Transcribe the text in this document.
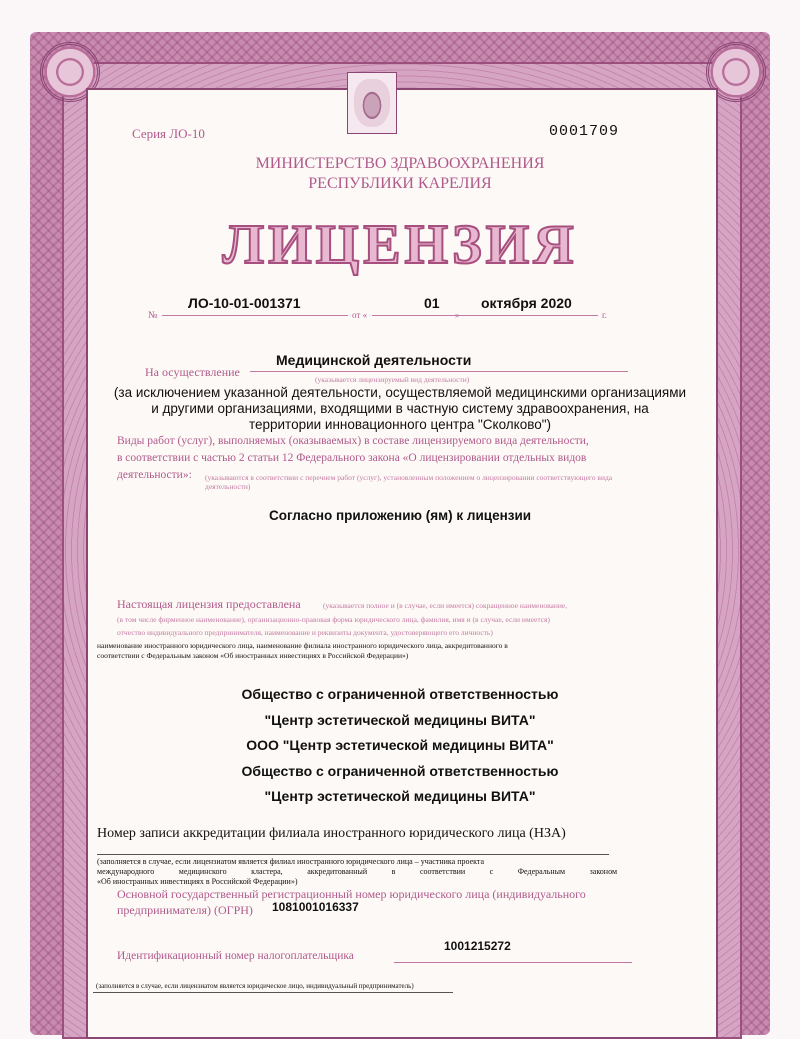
Серия ЛО-10	0001709
МИНИСТЕРСТВО ЗДРАВООХРАНЕНИЯ
РЕСПУБЛИКИ КАРЕЛИЯ
ЛИЦЕНЗИЯ
№
ЛО-10-01-001371
от «
01
»
октября 2020
г.
На осуществление
Медицинской деятельности
(указывается лицензируемый вид деятельности)
(за исключением указанной деятельности, осуществляемой медицинскими организациями
и другими организациями, входящими в частную систему здравоохранения, на
территории инновационного центра "Сколково")
Виды работ (услуг), выполняемых (оказываемых) в составе лицензируемого вида деятельности,
в соответствии с частью 2 статьи 12 Федерального закона «О лицензировании отдельных видов
деятельности»:	(указываются в соответствии с перечнем работ (услуг), установленным положением о лицензировании соответствующего вида деятельности)
Согласно приложению (ям) к лицензии
Настоящая лицензия предоставлена	(указывается полное и (в случае, если имеется) сокращенное наименование,
(в том числе фирменное наименование), организационно-правовая форма юридического лица, фамилия, имя и (в случае, если имеется)
отчество индивидуального предпринимателя, наименование и реквизиты документа, удостоверяющего его личность)
наименование иностранного юридического лица, наименование филиала иностранного юридического лица, аккредитованного в
соответствии с Федеральным законом «Об иностранных инвестициях в Российской Федерации»)
Общество с ограниченной ответственностью
"Центр эстетической медицины ВИТА"
ООО "Центр эстетической медицины ВИТА"
Общество с ограниченной ответственностью
"Центр эстетической медицины ВИТА"
Номер записи аккредитации филиала иностранного юридического лица (НЗА)
(заполняется в случае, если лицензиатом является филиал иностранного юридического лица – участника проекта
международного медицинского кластера, аккредитованный в соответствии с Федеральным законом
«Об иностранных инвестициях в Российской Федерации»)
Основной государственный регистрационный номер юридического лица (индивидуального
предпринимателя) (ОГРН)	1081001016337
Идентификационный номер налогоплательщика
1001215272
(заполняется в случае, если лицензиатом является юридическое лицо, индивидуальный предприниматель)
